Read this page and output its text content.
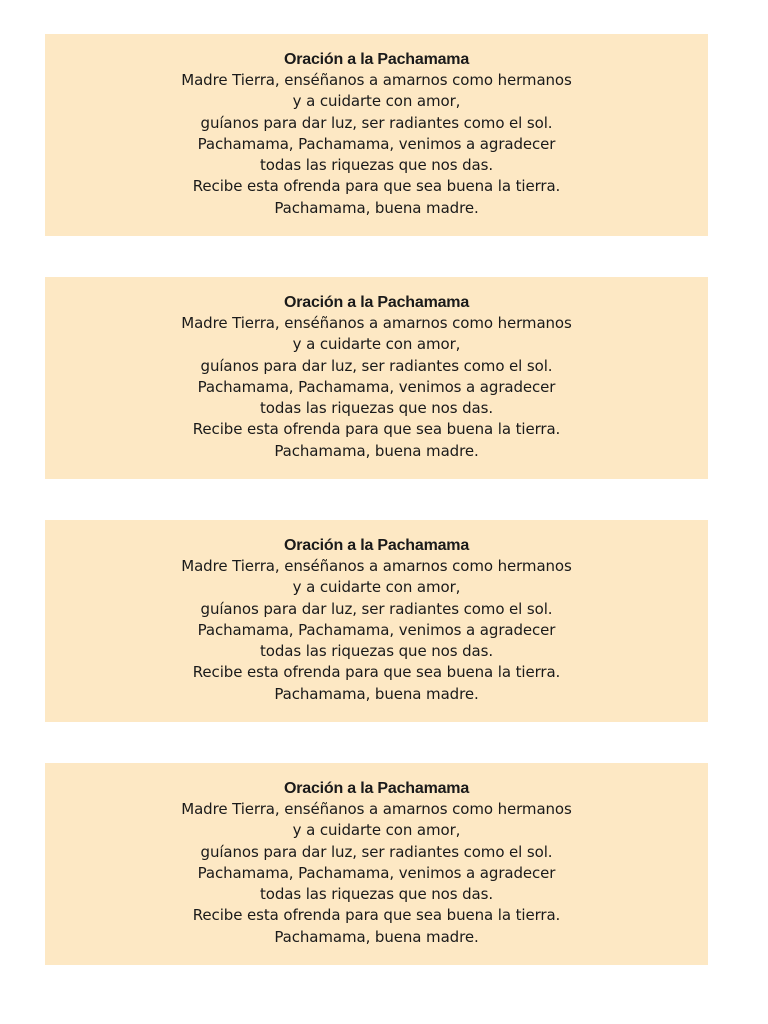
Oración a la Pachamama
Madre Tierra, enséñanos a amarnos como hermanos
y a cuidarte con amor,
guíanos para dar luz, ser radiantes como el sol.
Pachamama, Pachamama, venimos a agradecer
todas las riquezas que nos das.
Recibe esta ofrenda para que sea buena la tierra.
Pachamama, buena madre.
Oración a la Pachamama
Madre Tierra, enséñanos a amarnos como hermanos
y a cuidarte con amor,
guíanos para dar luz, ser radiantes como el sol.
Pachamama, Pachamama, venimos a agradecer
todas las riquezas que nos das.
Recibe esta ofrenda para que sea buena la tierra.
Pachamama, buena madre.
Oración a la Pachamama
Madre Tierra, enséñanos a amarnos como hermanos
y a cuidarte con amor,
guíanos para dar luz, ser radiantes como el sol.
Pachamama, Pachamama, venimos a agradecer
todas las riquezas que nos das.
Recibe esta ofrenda para que sea buena la tierra.
Pachamama, buena madre.
Oración a la Pachamama
Madre Tierra, enséñanos a amarnos como hermanos
y a cuidarte con amor,
guíanos para dar luz, ser radiantes como el sol.
Pachamama, Pachamama, venimos a agradecer
todas las riquezas que nos das.
Recibe esta ofrenda para que sea buena la tierra.
Pachamama, buena madre.
